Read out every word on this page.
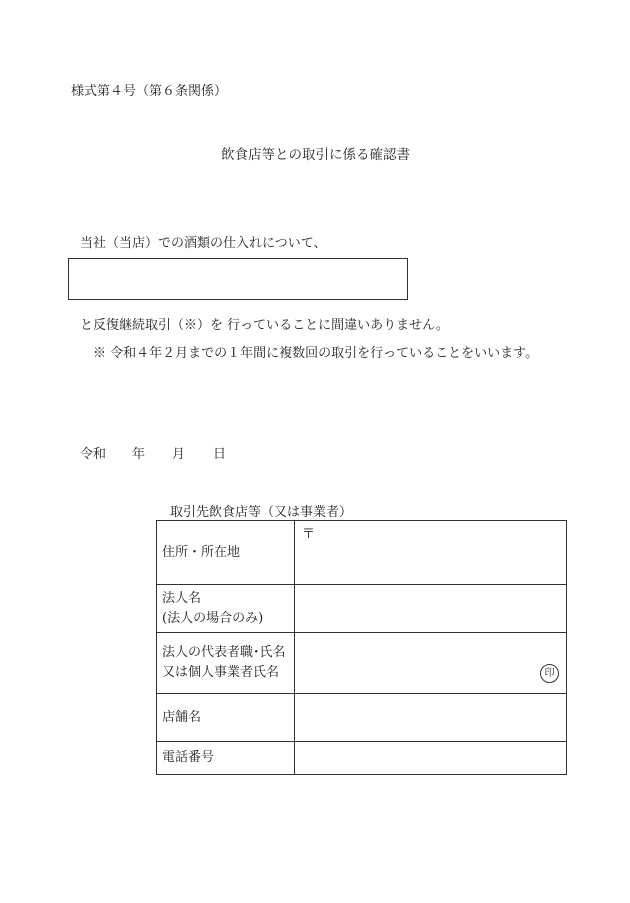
様式第４号（第６条関係）
飲食店等との取引に係る確認書
当社（当店）での酒類の仕入れについて、
と反復継続取引（※）を 行っていることに間違いありません。
※ 令和４年２月までの１年間に複数回の取引を行っていることをいいます。
令和 年 月 日
取引先飲食店等（又は事業者）
住所・所在地	〒

法人名
(法人の場合のみ)	

法人の代表者職･氏名
又は個人事業者氏名	印

店舗名	
電話番号	
